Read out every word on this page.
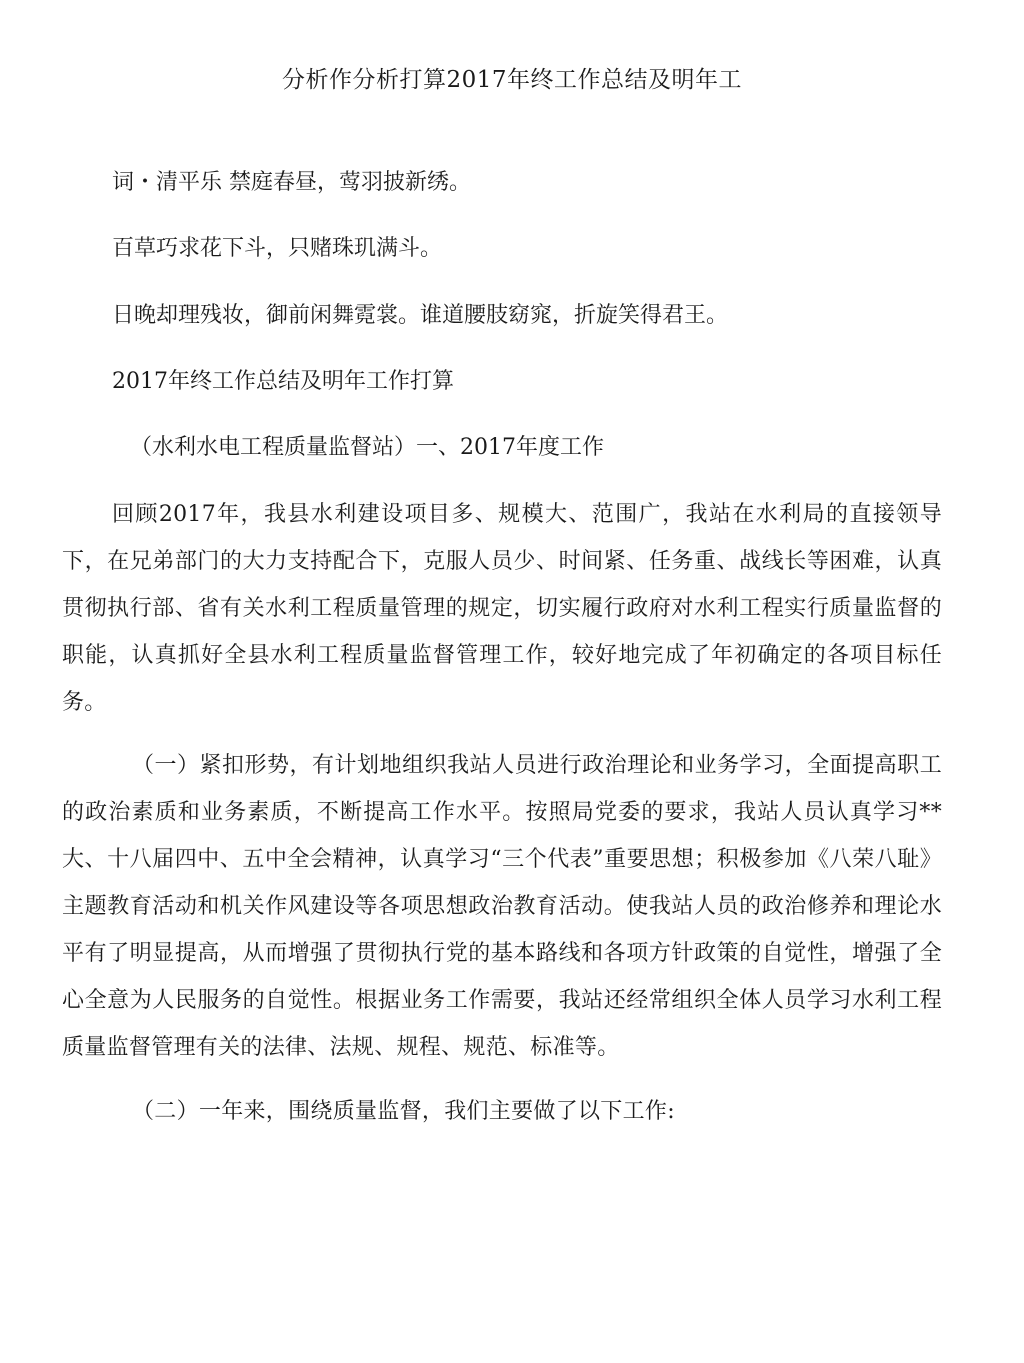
分析作分析打算2017年终工作总结及明年工
词・清平乐 禁庭春昼，莺羽披新绣。
百草巧求花下斗，只赌珠玑满斗。
日晚却理残妆，御前闲舞霓裳。谁道腰肢窈窕，折旋笑得君王。
2017年终工作总结及明年工作打算
（水利水电工程质量监督站）一、2017年度工作
回顾2017年，我县水利建设项目多、规模大、范围广，我站在水利局的直接领导下，在兄弟部门的大力支持配合下，克服人员少、时间紧、任务重、战线长等困难，认真贯彻执行部、省有关水利工程质量管理的规定，切实履行政府对水利工程实行质量监督的职能，认真抓好全县水利工程质量监督管理工作，较好地完成了年初确定的各项目标任务。
（一）紧扣形势，有计划地组织我站人员进行政治理论和业务学习，全面提高职工的政治素质和业务素质，不断提高工作水平。按照局党委的要求，我站人员认真学习**大、十八届四中、五中全会精神，认真学习“三个代表”重要思想；积极参加《八荣八耻》主题教育活动和机关作风建设等各项思想政治教育活动。使我站人员的政治修养和理论水平有了明显提高，从而增强了贯彻执行党的基本路线和各项方针政策的自觉性，增强了全心全意为人民服务的自觉性。根据业务工作需要，我站还经常组织全体人员学习水利工程质量监督管理有关的法律、法规、规程、规范、标准等。
（二）一年来，围绕质量监督，我们主要做了以下工作:
